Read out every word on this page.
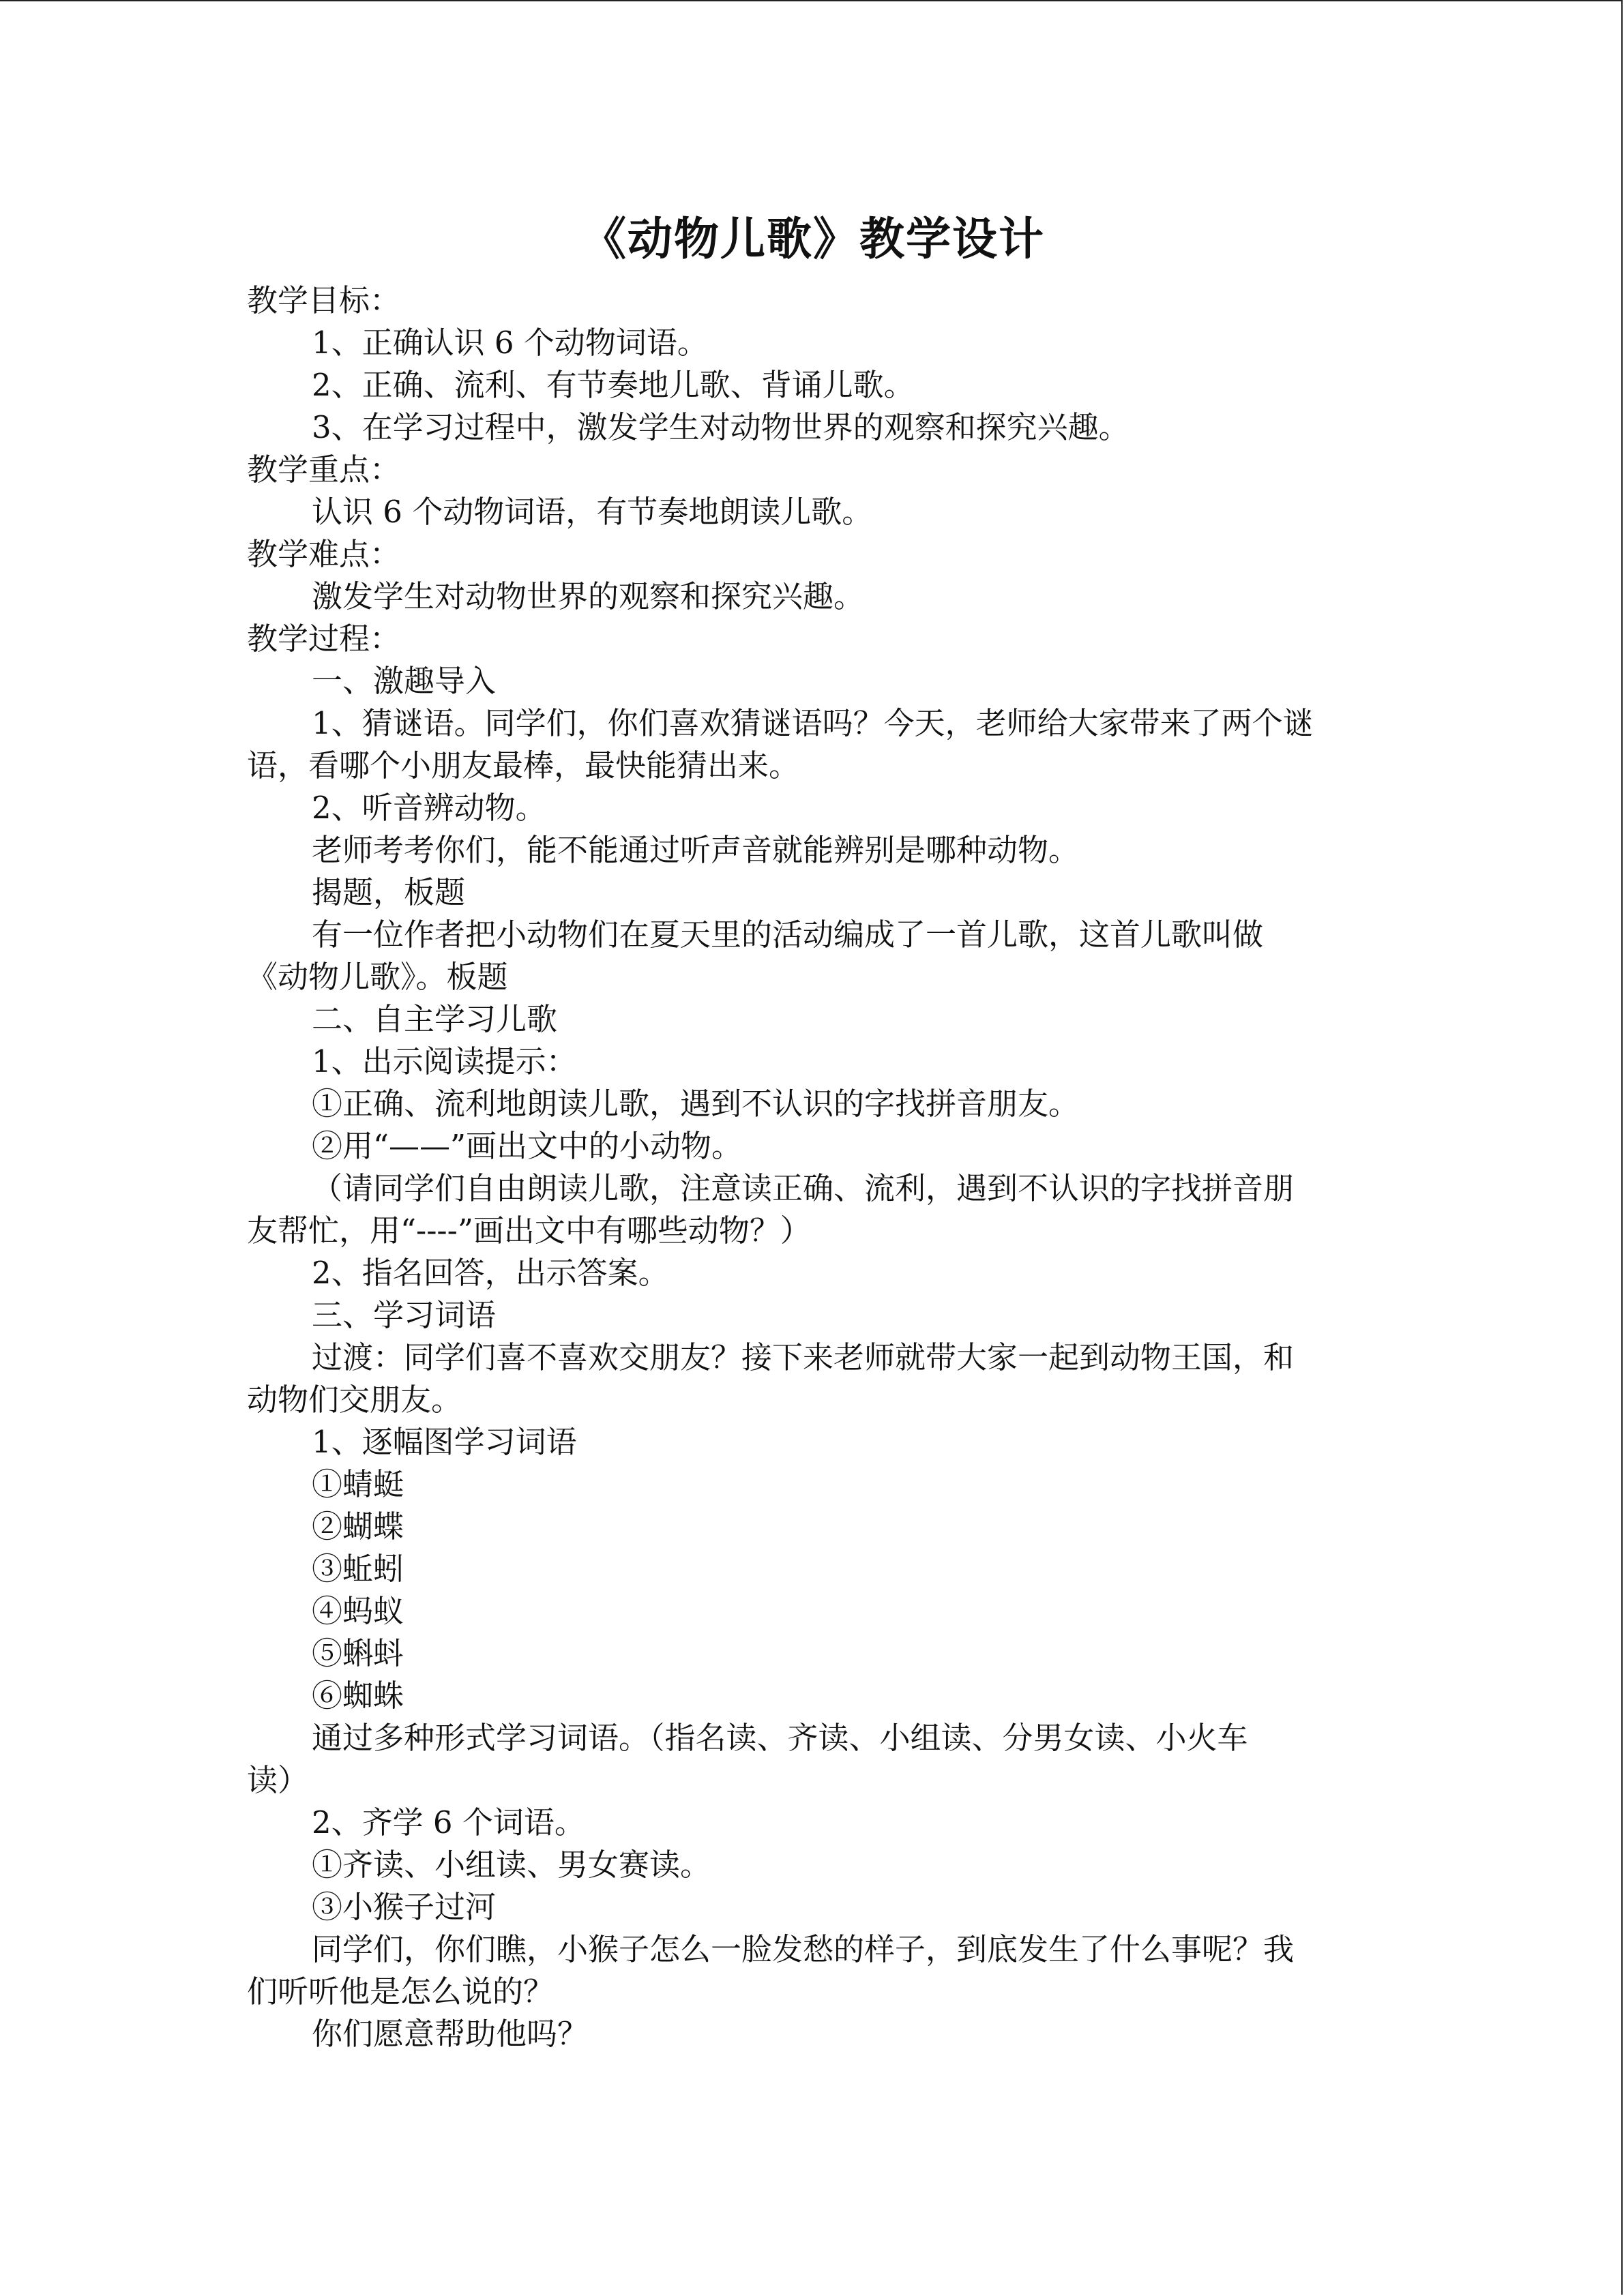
《动物儿歌》教学设计
教学目标：
1、正确认识 6 个动物词语。
2、正确、流利、有节奏地儿歌、背诵儿歌。
3、在学习过程中，激发学生对动物世界的观察和探究兴趣。
教学重点：
认识 6 个动物词语，有节奏地朗读儿歌。
教学难点：
激发学生对动物世界的观察和探究兴趣。
教学过程：
一、激趣导入
1、猜谜语。同学们，你们喜欢猜谜语吗？今天，老师给大家带来了两个谜
语，看哪个小朋友最棒，最快能猜出来。
2、听音辨动物。
老师考考你们，能不能通过听声音就能辨别是哪种动物。
揭题，板题
有一位作者把小动物们在夏天里的活动编成了一首儿歌，这首儿歌叫做
《动物儿歌》。板题
二、自主学习儿歌
1、出示阅读提示：
①正确、流利地朗读儿歌，遇到不认识的字找拼音朋友。
②用“——”画出文中的小动物。
（请同学们自由朗读儿歌，注意读正确、流利，遇到不认识的字找拼音朋
友帮忙，用“----”画出文中有哪些动物？）
2、指名回答，出示答案。
三、学习词语
过渡：同学们喜不喜欢交朋友？接下来老师就带大家一起到动物王国，和
动物们交朋友。
1、逐幅图学习词语
①蜻蜓
②蝴蝶
③蚯蚓
④蚂蚁
⑤蝌蚪
⑥蜘蛛
通过多种形式学习词语。（指名读、齐读、小组读、分男女读、小火车
读）
2、齐学 6 个词语。
①齐读、小组读、男女赛读。
③小猴子过河
同学们，你们瞧，小猴子怎么一脸发愁的样子，到底发生了什么事呢？我
们听听他是怎么说的？
你们愿意帮助他吗？
